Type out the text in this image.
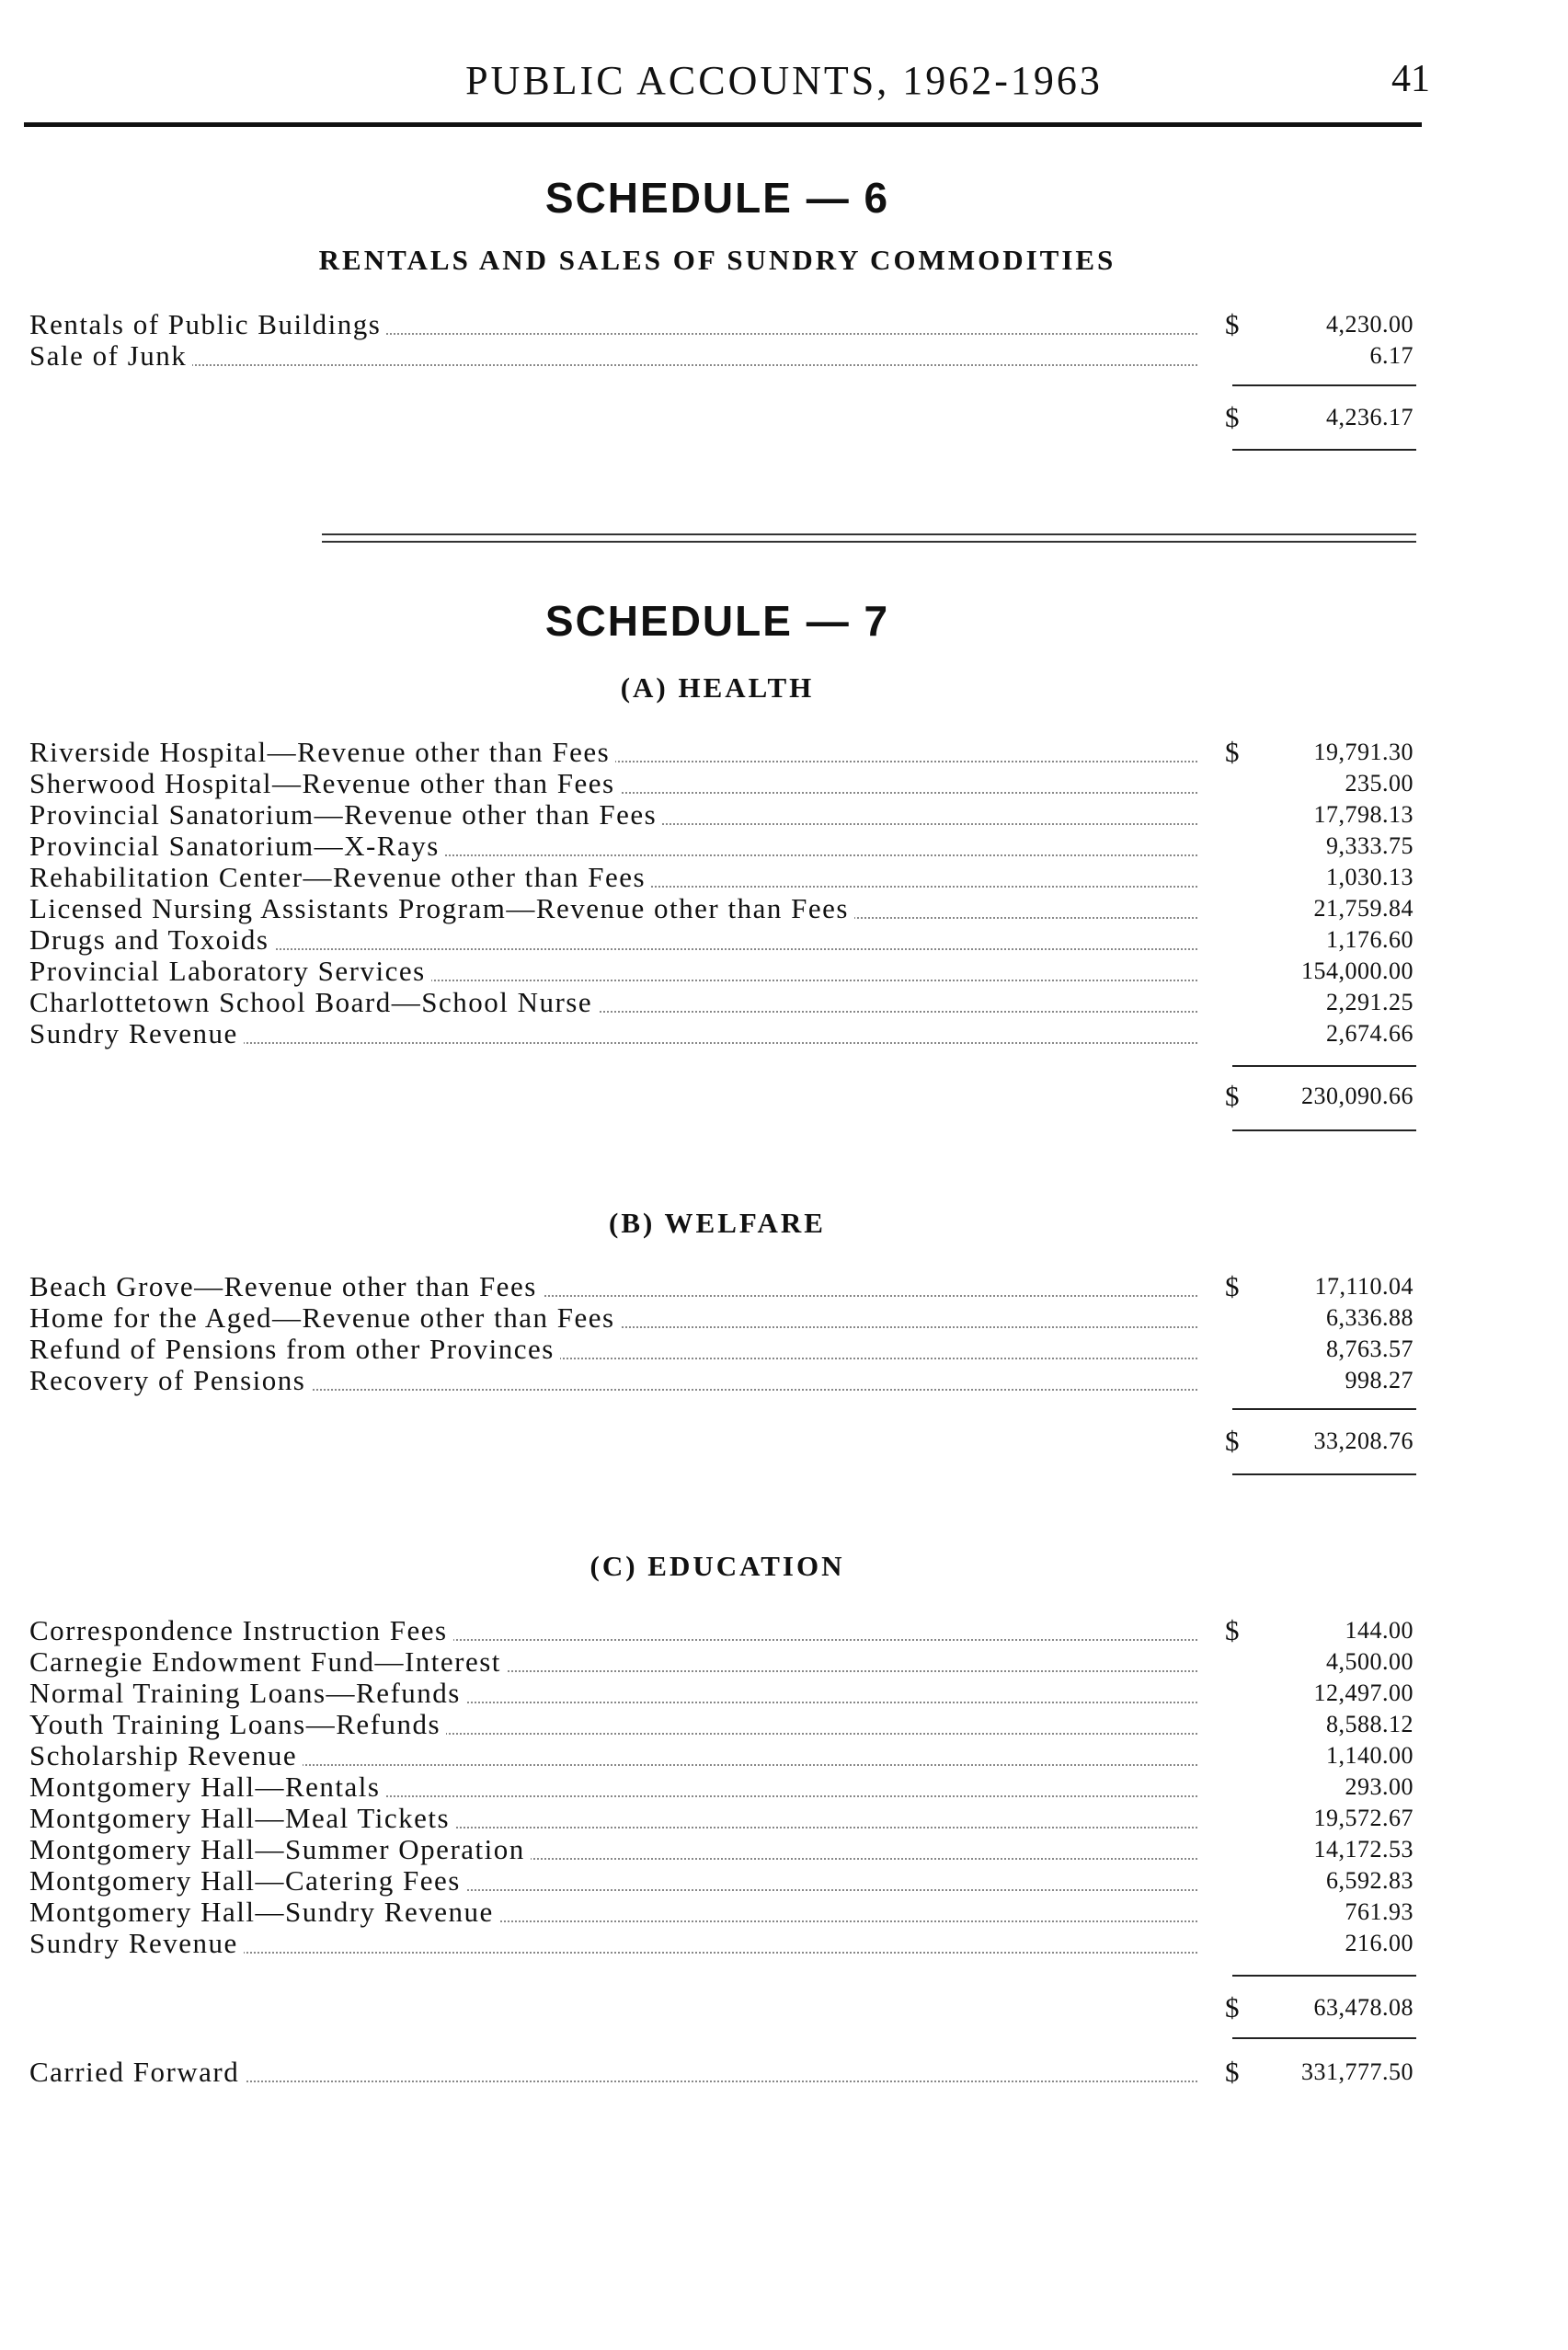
PUBLIC ACCOUNTS, 1962-1963	41
SCHEDULE — 6
RENTALS AND SALES OF SUNDRY COMMODITIES
Rentals of Public Buildings	$	4,230.00
Sale of Junk	6.17
$	4,236.17
SCHEDULE — 7
(A) HEALTH
Riverside Hospital—Revenue other than Fees	$	19,791.30
Sherwood Hospital—Revenue other than Fees	235.00
Provincial Sanatorium—Revenue other than Fees	17,798.13
Provincial Sanatorium—X-Rays	9,333.75
Rehabilitation Center—Revenue other than Fees	1,030.13
Licensed Nursing Assistants Program—Revenue other than Fees	21,759.84
Drugs and Toxoids	1,176.60
Provincial Laboratory Services	154,000.00
Charlottetown School Board—School Nurse	2,291.25
Sundry Revenue	2,674.66
$	230,090.66
(B) WELFARE
Beach Grove—Revenue other than Fees	$	17,110.04
Home for the Aged—Revenue other than Fees	6,336.88
Refund of Pensions from other Provinces	8,763.57
Recovery of Pensions	998.27
$	33,208.76
(C) EDUCATION
Correspondence Instruction Fees	$	144.00
Carnegie Endowment Fund—Interest	4,500.00
Normal Training Loans—Refunds	12,497.00
Youth Training Loans—Refunds	8,588.12
Scholarship Revenue	1,140.00
Montgomery Hall—Rentals	293.00
Montgomery Hall—Meal Tickets	19,572.67
Montgomery Hall—Summer Operation	14,172.53
Montgomery Hall—Catering Fees	6,592.83
Montgomery Hall—Sundry Revenue	761.93
Sundry Revenue	216.00
$	63,478.08
Carried Forward	$	331,777.50
